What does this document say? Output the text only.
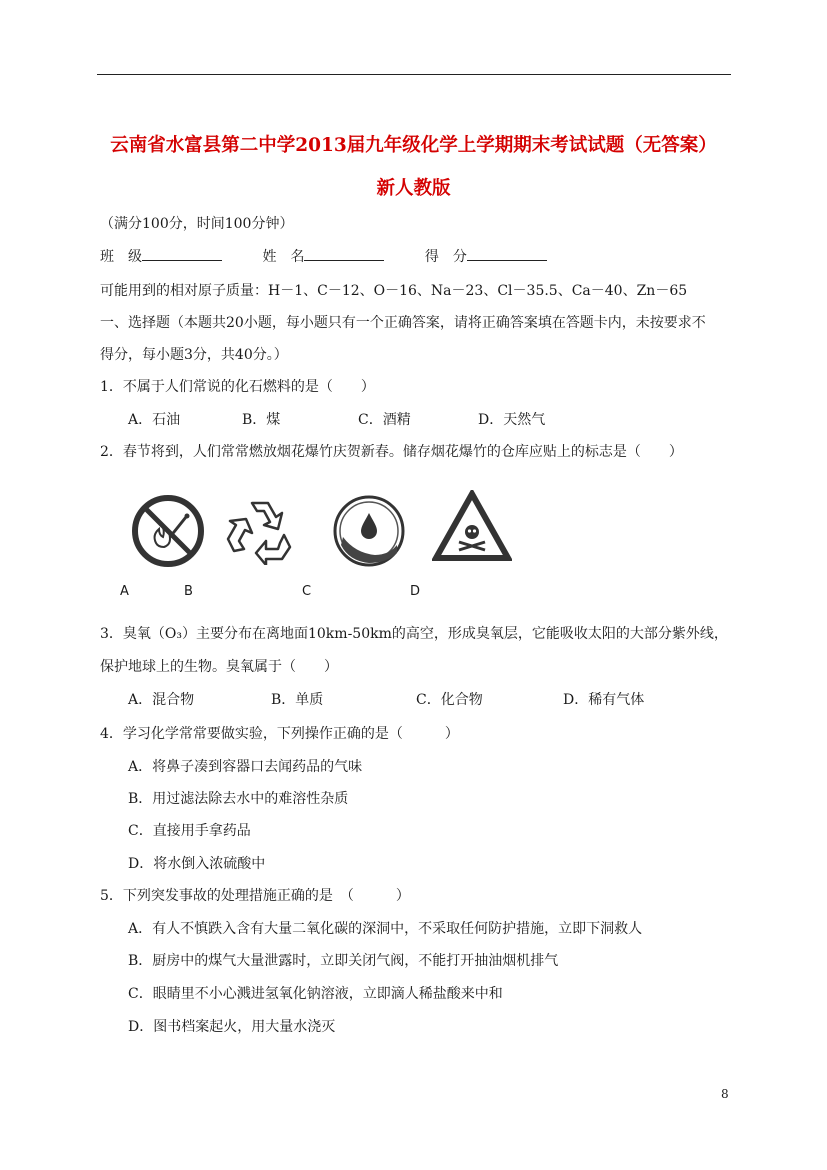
云南省水富县第二中学2013届九年级化学上学期期末考试试题（无答案）
新人教版
（满分100分，时间100分钟）
班　级	姓　名	得　分
可能用到的相对原子质量：H－1、C－12、O－16、Na－23、Cl－35.5、Ca－40、Zn－65
一、选择题（本题共20小题，每小题只有一个正确答案，请将正确答案填在答题卡内，未按要求不
得分，每小题3分，共40分。）
1．不属于人们常说的化石燃料的是（　　）
A．石油	B．煤	C．酒精	D．天然气
2．春节将到，人们常常燃放烟花爆竹庆贺新春。储存烟花爆竹的仓库应贴上的标志是（　　）
A	B	C	D
3．臭氧（O₃）主要分布在离地面10km-50km的高空，形成臭氧层，它能吸收太阳的大部分紫外线，
保护地球上的生物。臭氧属于（　　）
A．混合物	B．单质	C．化合物	D．稀有气体
4．学习化学常常要做实验，下列操作正确的是（　　　）
A．将鼻子凑到容器口去闻药品的气味
B．用过滤法除去水中的难溶性杂质
C．直接用手拿药品
D．将水倒入浓硫酸中
5．下列突发事故的处理措施正确的是　（　　　）
A．有人不慎跌入含有大量二氧化碳的深洞中，不采取任何防护措施，立即下洞救人
B．厨房中的煤气大量泄露时，立即关闭气阀，不能打开抽油烟机排气
C．眼睛里不小心溅进氢氧化钠溶液，立即滴人稀盐酸来中和
D．图书档案起火，用大量水浇灭
8
